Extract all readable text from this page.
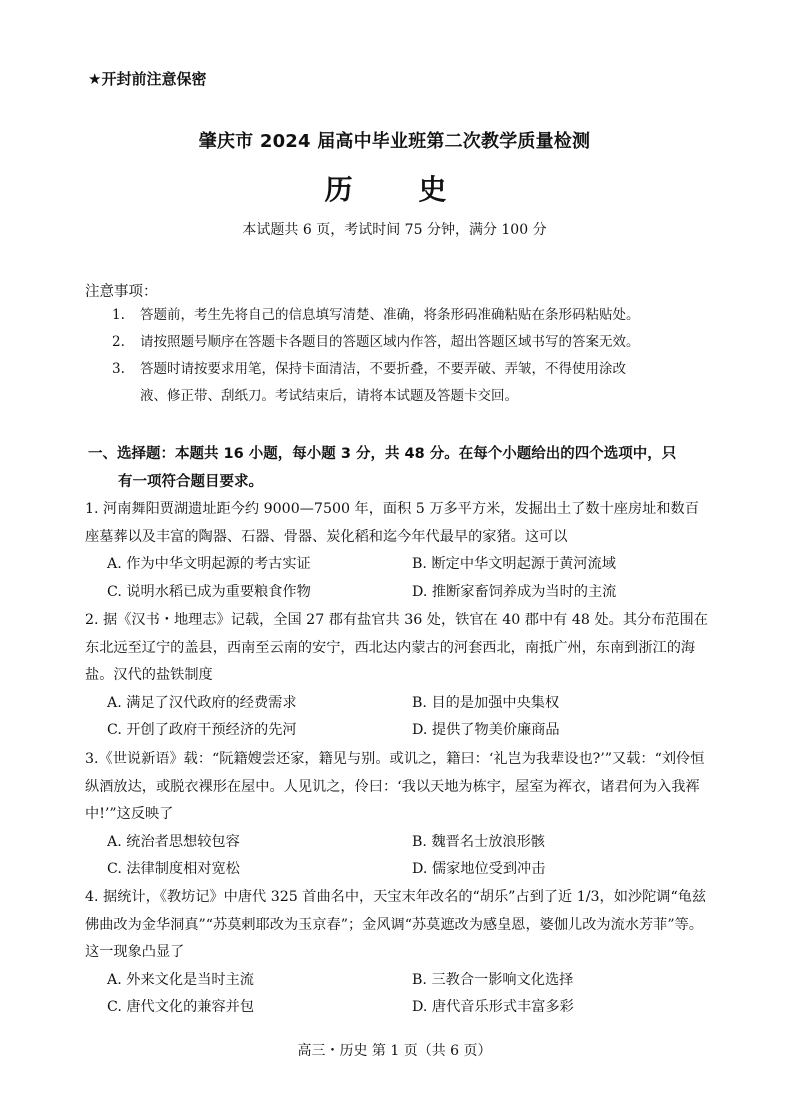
★开封前注意保密
肇庆市 2024 届高中毕业班第二次教学质量检测
历 史
本试题共 6 页，考试时间 75 分钟，满分 100 分
注意事项：
1. 答题前，考生先将自己的信息填写清楚、准确，将条形码准确粘贴在条形码粘贴处。
2. 请按照题号顺序在答题卡各题目的答题区域内作答，超出答题区域书写的答案无效。
3. 答题时请按要求用笔，保持卡面清洁，不要折叠，不要弄破、弄皱，不得使用涂改
液、修正带、刮纸刀。考试结束后，请将本试题及答题卡交回。
一、选择题：本题共 16 小题，每小题 3 分，共 48 分。在每个小题给出的四个选项中，只
有一项符合题目要求。
1. 河南舞阳贾湖遗址距今约 9000—7500 年，面积 5 万多平方米，发掘出土了数十座房址和数百座墓葬以及丰富的陶器、石器、骨器、炭化稻和迄今年代最早的家猪。这可以
A. 作为中华文明起源的考古实证	B. 断定中华文明起源于黄河流域
C. 说明水稻已成为重要粮食作物	D. 推断家畜饲养成为当时的主流
2. 据《汉书・地理志》记载，全国 27 郡有盐官共 36 处，铁官在 40 郡中有 48 处。其分布范围在东北远至辽宁的盖县，西南至云南的安宁，西北达内蒙古的河套西北，南抵广州，东南到浙江的海盐。汉代的盐铁制度
A. 满足了汉代政府的经费需求	B. 目的是加强中央集权
C. 开创了政府干预经济的先河	D. 提供了物美价廉商品
3.《世说新语》载：“阮籍嫂尝还家，籍见与别。或讥之，籍曰：‘礼岂为我辈设也?’”又载：“刘伶恒纵酒放达，或脱衣裸形在屋中。人见讥之，伶曰：‘我以天地为栋宇，屋室为裈衣，诸君何为入我裈中!’”这反映了
A. 统治者思想较包容	B. 魏晋名士放浪形骸
C. 法律制度相对宽松	D. 儒家地位受到冲击
4. 据统计，《教坊记》中唐代 325 首曲名中，天宝末年改名的“胡乐”占到了近 1/3，如沙陀调“龟兹佛曲改为金华洞真”“苏莫剌耶改为玉京春”；金风调“苏莫遮改为感皇恩，婆伽儿改为流水芳菲”等。这一现象凸显了
A. 外来文化是当时主流	B. 三教合一影响文化选择
C. 唐代文化的兼容并包	D. 唐代音乐形式丰富多彩
高三・历史 第 1 页（共 6 页）
